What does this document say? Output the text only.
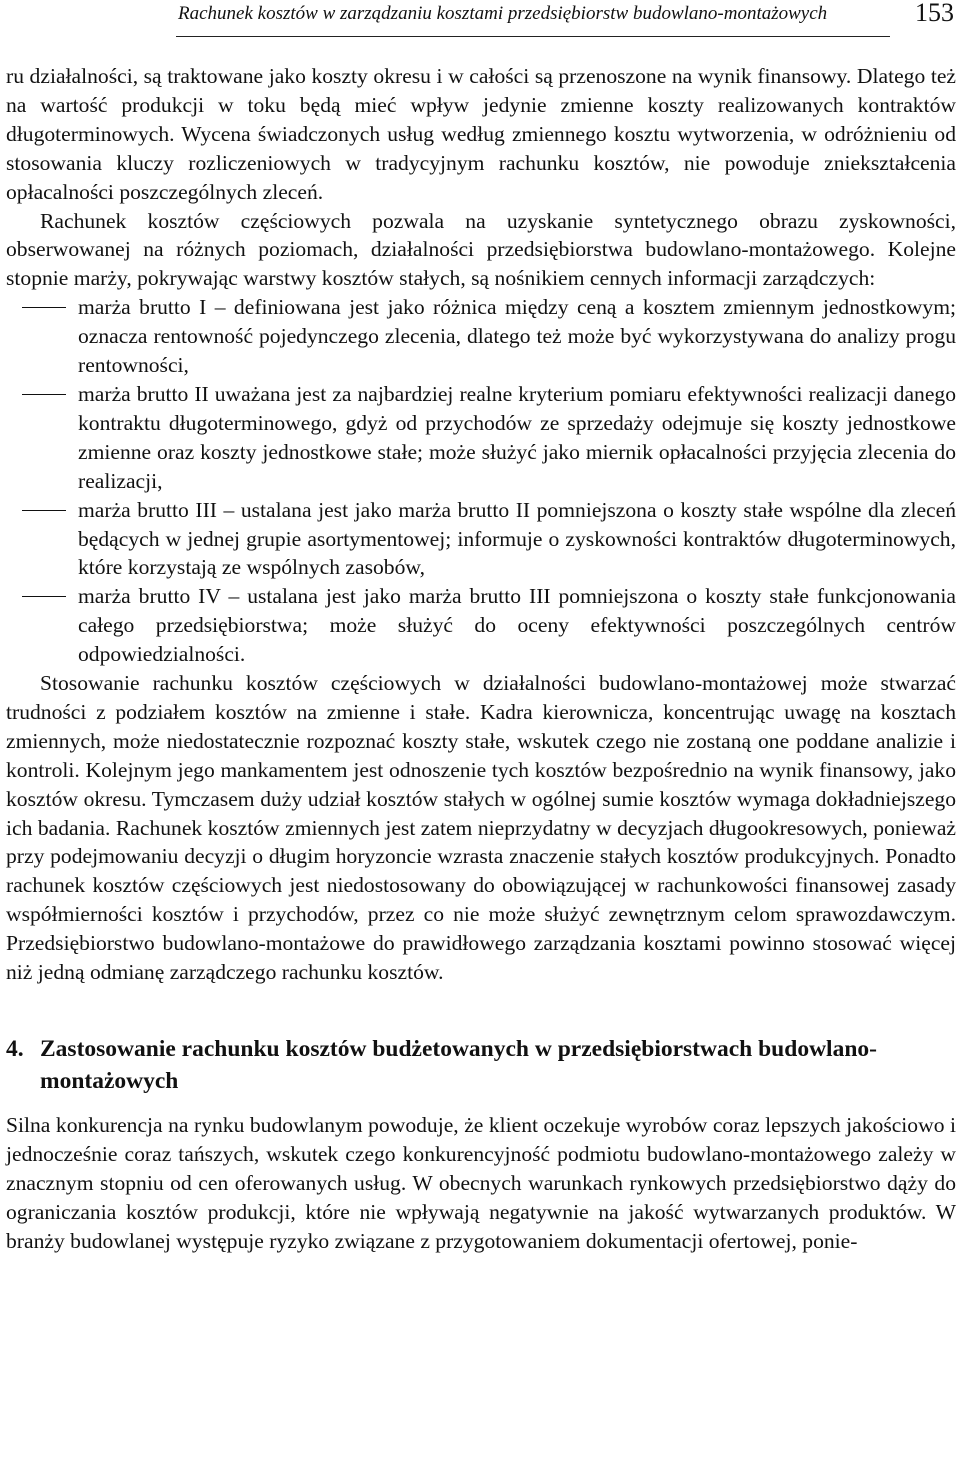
Rachunek kosztów w zarządzaniu kosztami przedsiębiorstw budowlano-montażowych	153

ru działalności, są traktowane jako koszty okresu i w całości są przenoszone na wynik finansowy. Dlatego też na wartość produkcji w toku będą mieć wpływ jedynie zmienne koszty realizowanych kontraktów długoterminowych. Wycena świadczonych usług według zmiennego kosztu wytworzenia, w odróżnieniu od stosowania kluczy rozliczeniowych w tradycyjnym rachunku kosztów, nie powoduje zniekształcenia opłacalności poszczególnych zleceń.

Rachunek kosztów częściowych pozwala na uzyskanie syntetycznego obrazu zyskowności, obserwowanej na różnych poziomach, działalności przedsiębiorstwa budowlano-montażowego. Kolejne stopnie marży, pokrywając warstwy kosztów stałych, są nośnikiem cennych informacji zarządczych:

marża brutto I – definiowana jest jako różnica między ceną a kosztem zmiennym jednostkowym; oznacza rentowność pojedynczego zlecenia, dlatego też może być wykorzystywana do analizy progu rentowności,
marża brutto II uważana jest za najbardziej realne kryterium pomiaru efektywności realizacji danego kontraktu długoterminowego, gdyż od przychodów ze sprzedaży odejmuje się koszty jednostkowe zmienne oraz koszty jednostkowe stałe; może służyć jako miernik opłacalności przyjęcia zlecenia do realizacji,
marża brutto III – ustalana jest jako marża brutto II pomniejszona o koszty stałe wspólne dla zleceń będących w jednej grupie asortymentowej; informuje o zyskowności kontraktów długoterminowych, które korzystają ze wspólnych zasobów,
marża brutto IV – ustalana jest jako marża brutto III pomniejszona o koszty stałe funkcjonowania całego przedsiębiorstwa; może służyć do oceny efektywności poszczególnych centrów odpowiedzialności.

Stosowanie rachunku kosztów częściowych w działalności budowlano-montażowej może stwarzać trudności z podziałem kosztów na zmienne i stałe. Kadra kierownicza, koncentrując uwagę na kosztach zmiennych, może niedostatecznie rozpoznać koszty stałe, wskutek czego nie zostaną one poddane analizie i kontroli. Kolejnym jego mankamentem jest odnoszenie tych kosztów bezpośrednio na wynik finansowy, jako kosztów okresu. Tymczasem duży udział kosztów stałych w ogólnej sumie kosztów wymaga dokładniejszego ich badania. Rachunek kosztów zmiennych jest zatem nieprzydatny w decyzjach długookresowych, ponieważ przy podejmowaniu decyzji o długim horyzoncie wzrasta znaczenie stałych kosztów produkcyjnych. Ponadto rachunek kosztów częściowych jest niedostosowany do obowiązującej w rachunkowości finansowej zasady współmierności kosztów i przychodów, przez co nie może służyć zewnętrznym celom sprawozdawczym. Przedsiębiorstwo budowlano-montażowe do prawidłowego zarządzania kosztami powinno stosować więcej niż jedną odmianę zarządczego rachunku kosztów.

4. Zastosowanie rachunku kosztów budżetowanych w przedsiębiorstwach budowlano-montażowych

Silna konkurencja na rynku budowlanym powoduje, że klient oczekuje wyrobów coraz lepszych jakościowo i jednocześnie coraz tańszych, wskutek czego konkurencyjność podmiotu budowlano-montażowego zależy w znacznym stopniu od cen oferowanych usług. W obecnych warunkach rynkowych przedsiębiorstwo dąży do ograniczania kosztów produkcji, które nie wpływają negatywnie na jakość wytwarzanych produktów. W branży budowlanej występuje ryzyko związane z przygotowaniem dokumentacji ofertowej, ponie-
